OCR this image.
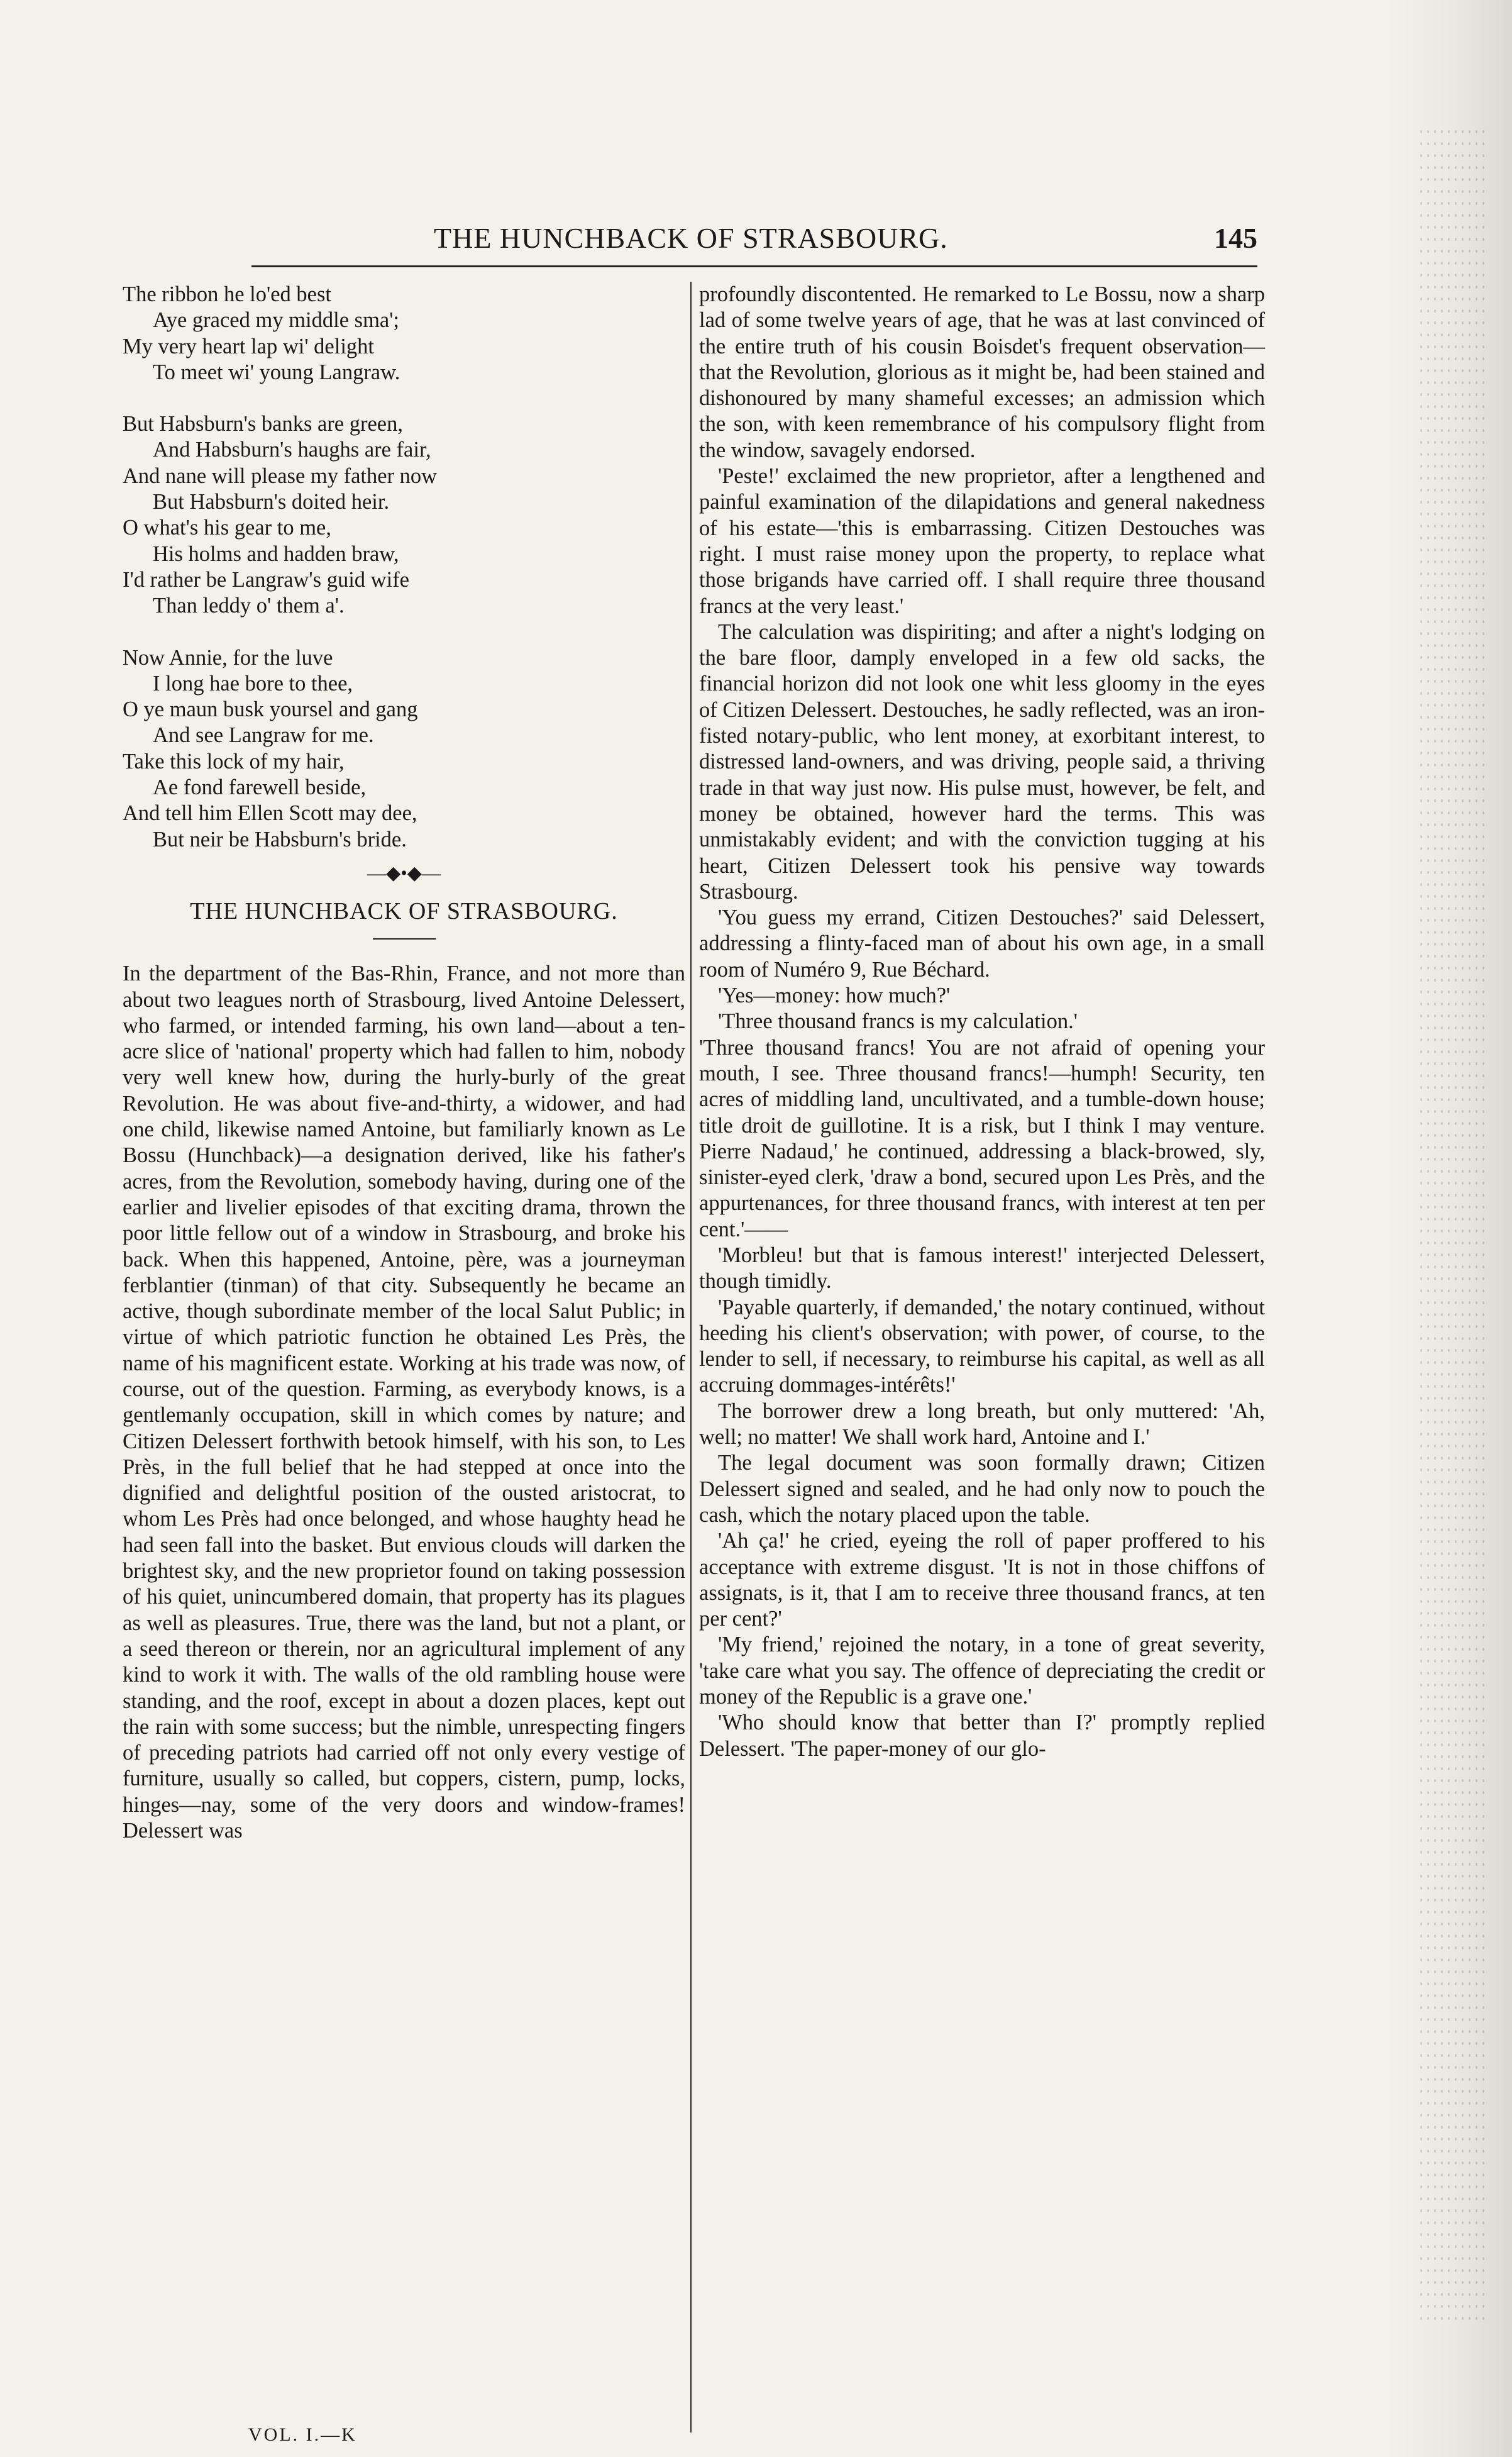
THE HUNCHBACK OF STRASBOURG.	145
The ribbon he lo'ed best
Aye graced my middle sma';
My very heart lap wi' delight
To meet wi' young Langraw.
But Habsburn's banks are green,
And Habsburn's haughs are fair,
And nane will please my father now
But Habsburn's doited heir.
O what's his gear to me,
His holms and hadden braw,
I'd rather be Langraw's guid wife
Than leddy o' them a'.
Now Annie, for the luve
I long hae bore to thee,
O ye maun busk yoursel and gang
And see Langraw for me.
Take this lock of my hair,
Ae fond farewell beside,
And tell him Ellen Scott may dee,
But neir be Habsburn's bride.
—◆•◆—
THE HUNCHBACK OF STRASBOURG.

In the department of the Bas-Rhin, France, and not more than about two leagues north of Strasbourg, lived Antoine Delessert, who farmed, or intended farming, his own land—about a ten-acre slice of 'national' property which had fallen to him, nobody very well knew how, during the hurly-burly of the great Revolution. He was about five-and-thirty, a widower, and had one child, likewise named Antoine, but familiarly known as Le Bossu (Hunchback)—a designation derived, like his father's acres, from the Revolution, somebody having, during one of the earlier and livelier episodes of that exciting drama, thrown the poor little fellow out of a window in Strasbourg, and broke his back. When this happened, Antoine, père, was a journeyman ferblantier (tinman) of that city. Subsequently he became an active, though subordinate member of the local Salut Public; in virtue of which patriotic function he obtained Les Près, the name of his magnificent estate. Working at his trade was now, of course, out of the question. Farming, as everybody knows, is a gentlemanly occupation, skill in which comes by nature; and Citizen Delessert forthwith betook himself, with his son, to Les Près, in the full belief that he had stepped at once into the dignified and delightful position of the ousted aristocrat, to whom Les Près had once belonged, and whose haughty head he had seen fall into the basket. But envious clouds will darken the brightest sky, and the new proprietor found on taking possession of his quiet, unincumbered domain, that property has its plagues as well as pleasures. True, there was the land, but not a plant, or a seed thereon or therein, nor an agricultural implement of any kind to work it with. The walls of the old rambling house were standing, and the roof, except in about a dozen places, kept out the rain with some success; but the nimble, unrespecting fingers of preceding patriots had carried off not only every vestige of furniture, usually so called, but coppers, cistern, pump, locks, hinges—nay, some of the very doors and window-frames! Delessert was

profoundly discontented. He remarked to Le Bossu, now a sharp lad of some twelve years of age, that he was at last convinced of the entire truth of his cousin Boisdet's frequent observation—that the Revolution, glorious as it might be, had been stained and dishonoured by many shameful excesses; an admission which the son, with keen remembrance of his compulsory flight from the window, savagely endorsed.

'Peste!' exclaimed the new proprietor, after a lengthened and painful examination of the dilapidations and general nakedness of his estate—'this is embarrassing. Citizen Destouches was right. I must raise money upon the property, to replace what those brigands have carried off. I shall require three thousand francs at the very least.'

The calculation was dispiriting; and after a night's lodging on the bare floor, damply enveloped in a few old sacks, the financial horizon did not look one whit less gloomy in the eyes of Citizen Delessert. Destouches, he sadly reflected, was an iron-fisted notary-public, who lent money, at exorbitant interest, to distressed land-owners, and was driving, people said, a thriving trade in that way just now. His pulse must, however, be felt, and money be obtained, however hard the terms. This was unmistakably evident; and with the conviction tugging at his heart, Citizen Delessert took his pensive way towards Strasbourg.

'You guess my errand, Citizen Destouches?' said Delessert, addressing a flinty-faced man of about his own age, in a small room of Numéro 9, Rue Béchard.

'Yes—money: how much?'

'Three thousand francs is my calculation.'

'Three thousand francs! You are not afraid of opening your mouth, I see. Three thousand francs!—humph! Security, ten acres of middling land, uncultivated, and a tumble-down house; title droit de guillotine. It is a risk, but I think I may venture. Pierre Nadaud,' he continued, addressing a black-browed, sly, sinister-eyed clerk, 'draw a bond, secured upon Les Près, and the appurtenances, for three thousand francs, with interest at ten per cent.'——

'Morbleu! but that is famous interest!' interjected Delessert, though timidly.

'Payable quarterly, if demanded,' the notary continued, without heeding his client's observation; with power, of course, to the lender to sell, if necessary, to reimburse his capital, as well as all accruing dommages-intérêts!'

The borrower drew a long breath, but only muttered: 'Ah, well; no matter! We shall work hard, Antoine and I.'

The legal document was soon formally drawn; Citizen Delessert signed and sealed, and he had only now to pouch the cash, which the notary placed upon the table.

'Ah ça!' he cried, eyeing the roll of paper proffered to his acceptance with extreme disgust. 'It is not in those chiffons of assignats, is it, that I am to receive three thousand francs, at ten per cent?'

'My friend,' rejoined the notary, in a tone of great severity, 'take care what you say. The offence of depreciating the credit or money of the Republic is a grave one.'

'Who should know that better than I?' promptly replied Delessert. 'The paper-money of our glo-

VOL. I.—K
